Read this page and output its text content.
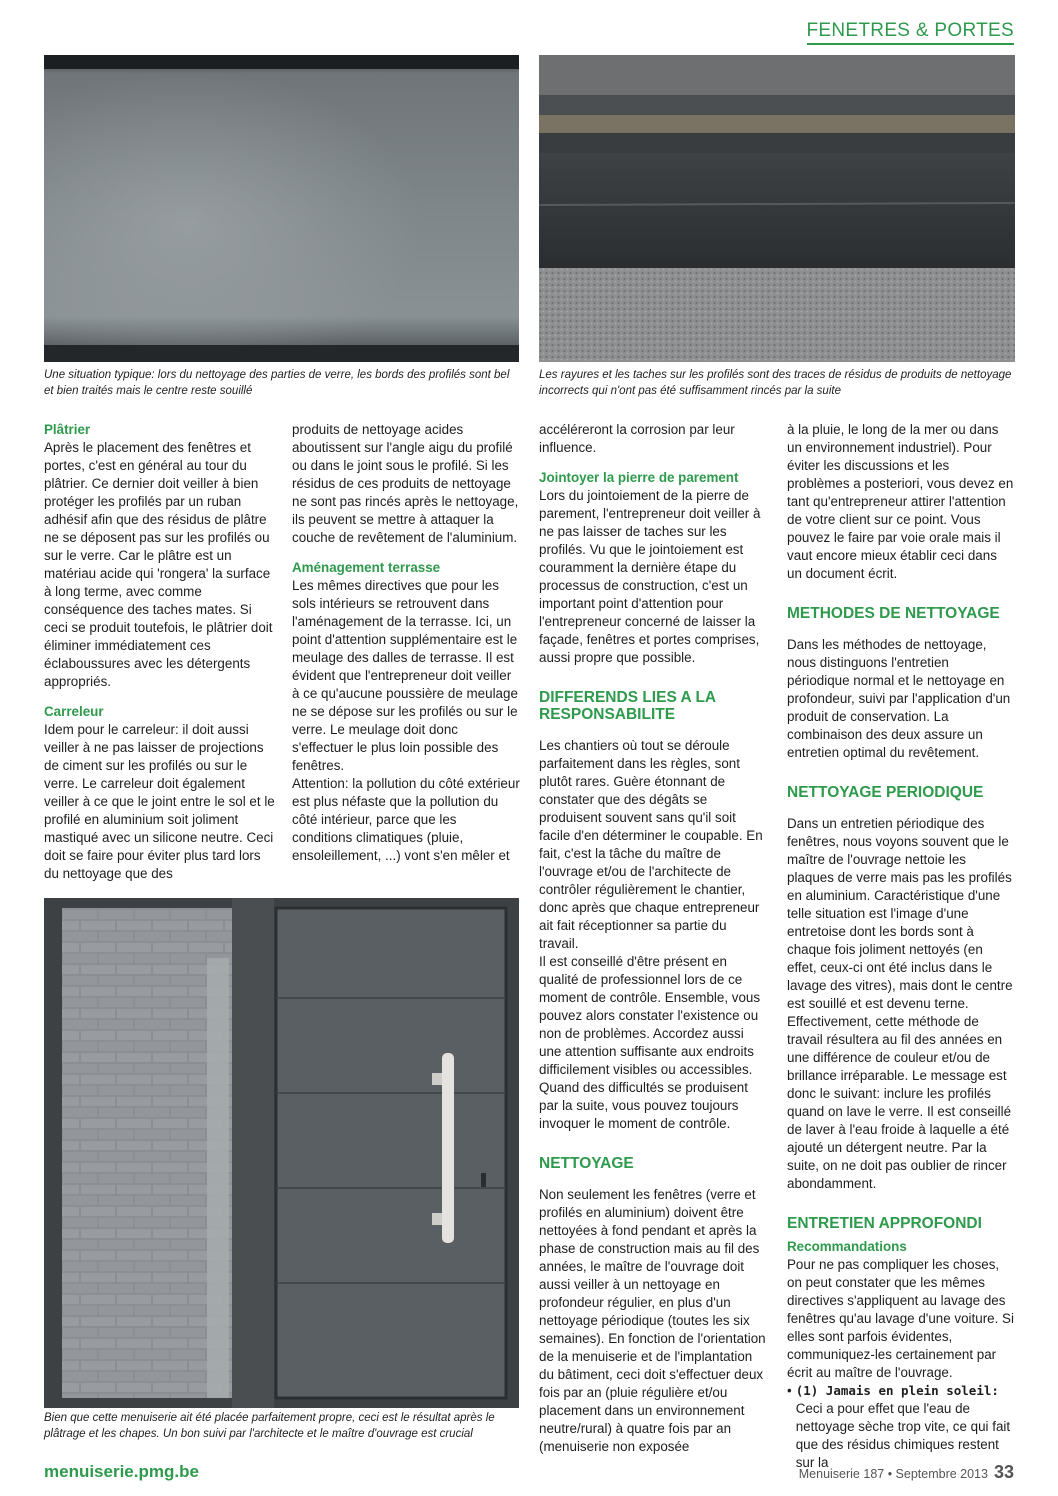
FENETRES & PORTES
Une situation typique: lors du nettoyage des parties de verre, les bords des profilés sont bel et bien traités mais le centre reste souillé
Les rayures et les taches sur les profilés sont des traces de résidus de produits de nettoyage incorrects qui n'ont pas été suffisamment rincés par la suite
Bien que cette menuiserie ait été placée parfaitement propre, ceci est le résultat après le plâtrage et les chapes. Un bon suivi par l'architecte et le maître d'ouvrage est crucial
Plâtrier

Après le placement des fenêtres et portes, c'est en général au tour du plâtrier. Ce dernier doit veiller à bien protéger les profilés par un ruban adhésif afin que des résidus de plâtre ne se déposent pas sur les profilés ou sur le verre. Car le plâtre est un matériau acide qui 'rongera' la surface à long terme, avec comme conséquence des taches mates. Si ceci se produit toutefois, le plâtrier doit éliminer immédiatement ces éclaboussures avec les détergents appropriés.

Carreleur

Idem pour le carreleur: il doit aussi veiller à ne pas laisser de projections de ciment sur les profilés ou sur le verre. Le carreleur doit également veiller à ce que le joint entre le sol et le profilé en aluminium soit joliment mastiqué avec un silicone neutre. Ceci doit se faire pour éviter plus tard lors du nettoyage que des

produits de nettoyage acides aboutissent sur l'angle aigu du profilé ou dans le joint sous le profilé. Si les résidus de ces produits de nettoyage ne sont pas rincés après le nettoyage, ils peuvent se mettre à attaquer la couche de revêtement de l'aluminium.

Aménagement terrasse

Les mêmes directives que pour les sols intérieurs se retrouvent dans l'aménagement de la terrasse. Ici, un point d'attention supplémentaire est le meulage des dalles de terrasse. Il est évident que l'entrepreneur doit veiller à ce qu'aucune poussière de meulage ne se dépose sur les profilés ou sur le verre. Le meulage doit donc s'effectuer le plus loin possible des fenêtres.

Attention: la pollution du côté extérieur est plus néfaste que la pollution du côté intérieur, parce que les conditions climatiques (pluie, ensoleillement, ...) vont s'en mêler et

accéléreront la corrosion par leur influence.

Jointoyer la pierre de parement

Lors du jointoiement de la pierre de parement, l'entrepreneur doit veiller à ne pas laisser de taches sur les profilés. Vu que le jointoiement est couramment la dernière étape du processus de construction, c'est un important point d'attention pour l'entrepreneur concerné de laisser la façade, fenêtres et portes comprises, aussi propre que possible.

DIFFERENDS LIES A LA RESPONSABILITE

Les chantiers où tout se déroule parfaitement dans les règles, sont plutôt rares. Guère étonnant de constater que des dégâts se produisent souvent sans qu'il soit facile d'en déterminer le coupable. En fait, c'est la tâche du maître de l'ouvrage et/ou de l'architecte de contrôler régulièrement le chantier, donc après que chaque entrepreneur ait fait réceptionner sa partie du travail.

Il est conseillé d'être présent en qualité de professionnel lors de ce moment de contrôle. Ensemble, vous pouvez alors constater l'existence ou non de problèmes. Accordez aussi une attention suffisante aux endroits difficilement visibles ou accessibles. Quand des difficultés se produisent par la suite, vous pouvez toujours invoquer le moment de contrôle.

NETTOYAGE

Non seulement les fenêtres (verre et profilés en aluminium) doivent être nettoyées à fond pendant et après la phase de construction mais au fil des années, le maître de l'ouvrage doit aussi veiller à un nettoyage en profondeur régulier, en plus d'un nettoyage périodique (toutes les six semaines). En fonction de l'orientation de la menuiserie et de l'implantation du bâtiment, ceci doit s'effectuer deux fois par an (pluie régulière et/ou placement dans un environnement neutre/rural) à quatre fois par an (menuiserie non exposée

à la pluie, le long de la mer ou dans un environnement industriel). Pour éviter les discussions et les problèmes a posteriori, vous devez en tant qu'entrepreneur attirer l'attention de votre client sur ce point. Vous pouvez le faire par voie orale mais il vaut encore mieux établir ceci dans un document écrit.

METHODES DE NETTOYAGE

Dans les méthodes de nettoyage, nous distinguons l'entretien périodique normal et le nettoyage en profondeur, suivi par l'application d'un produit de conservation. La combinaison des deux assure un entretien optimal du revêtement.

NETTOYAGE PERIODIQUE

Dans un entretien périodique des fenêtres, nous voyons souvent que le maître de l'ouvrage nettoie les plaques de verre mais pas les profilés en aluminium. Caractéristique d'une telle situation est l'image d'une entretoise dont les bords sont à chaque fois joliment nettoyés (en effet, ceux-ci ont été inclus dans le lavage des vitres), mais dont le centre est souillé et est devenu terne. Effectivement, cette méthode de travail résultera au fil des années en une différence de couleur et/ou de brillance irréparable. Le message est donc le suivant: inclure les profilés quand on lave le verre. Il est conseillé de laver à l'eau froide à laquelle a été ajouté un détergent neutre. Par la suite, on ne doit pas oublier de rincer abondamment.

ENTRETIEN APPROFONDI
Recommandations

Pour ne pas compliquer les choses, on peut constater que les mêmes directives s'appliquent au lavage des fenêtres qu'au lavage d'une voiture. Si elles sont parfois évidentes, communiquez-les certainement par écrit au maître de l'ouvrage.

• (1) Jamais en plein soleil: Ceci a pour effet que l'eau de nettoyage sèche trop vite, ce qui fait que des résidus chimiques restent sur la
menuiserie.pmg.be	Menuiserie 187 • Septembre 2013 33
